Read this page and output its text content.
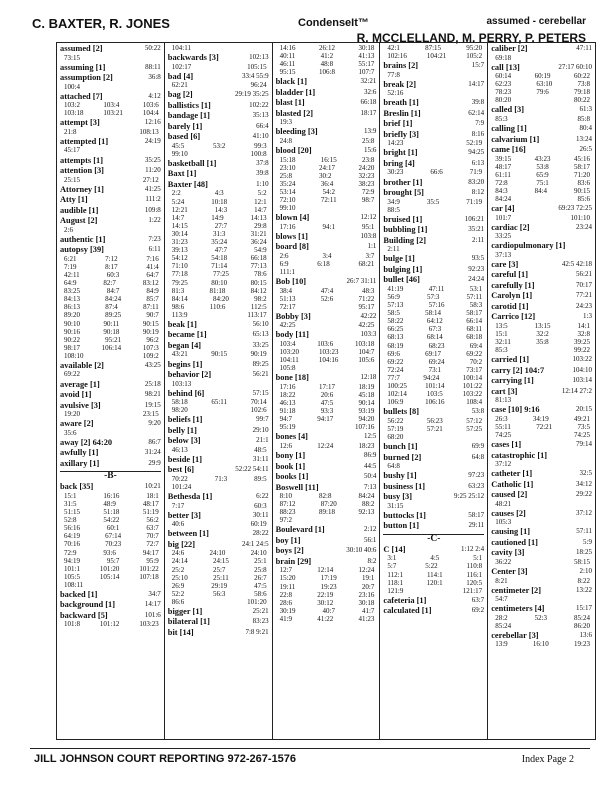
C. BAXTER, R. JONES	CondenseIt™	assumed - cerebellar
R. MCCLELLAND, M. PERRY, P. PETERS
assumed [2]	50:22
73:15
assuming [1]	88:11
assumption [2]	36:8
100:4
attached [7]	4:12
103:2	103:4	103:6
103:18	103:21	104:4
attempt [3]	12:16
21:8	108:13
attempted [1]	24:19
45:17
attempts [1]	35:25
attention [3]	11:20
25:15	27:12
Attorney [1]	41:25
Atty [1]	111:2
audible [1]	109:8
August [2]	1:22
2:6
authentic [1]	7:23
autopsy [39]	6:11
6:21	7:12	7:16
7:19	8:17	41:4
42:11	60:3	64:7
64:9	82:7	83:12
83:25	84:7	84:9
84:13	84:24	85:7
86:13	87:4	87:11
89:20	89:25	90:7
90:10	90:11	90:15
90:16	90:18	90:19
90:22	95:21	96:2
98:17	106:14	107:3
108:10	109:2
available [2]	43:25
69:22
average [1]	25:18
avoid [1]	98:21
avulsive [3]	19:15
19:20	23:15
aware [2]	9:20
35:6
away [2] 64:20	86:7
awfully [1]	31:24
axillary [1]	29:9
-B-
back [35]	10:21
15:1	16:16	18:1
31:5	48:9	48:17
51:15	51:18	51:19
52:8	54:22	56:2
56:16	60:1	63:7
64:19	67:14	70:7
70:16	70:23	72:7
72:9	93:6	94:17
94:19	95:7	95:9
101:1	101:20	101:22
105:5	105:14	107:18
108:11
backed [1]	34:7
background [1]	14:17
backward [5]	101:6
101:8	101:12	103:23
104:11
backwards [3]	102:13
102:17	105:15
bad [4]	33:4 55:9
62:21	96:24
bag [2]	29:19 35:25
ballistics [1]	102:22
bandage [1]	35:13
barely [1]	66:4
based [6]	41:10
45:5	53:2	99:3
99:10	100:8
basketball [1]	37:8
Baxt [1]	39:8
Baxter [48]	1:10
2:2	4:3	5:2
5:24	10:18	12:1
12:21	14:3	14:7
14:7	14:9	14:13
14:15	27:7	29:8
30:14	31:3	31:21
31:23	35:24	36:24
39:13	47:7	54:9
54:12	54:18	66:18
71:10	71:14	77:13
77:18	77:25	78:6
79:25	80:10	80:15
81:3	81:18	84:12
84:14	84:20	98:2
98:6	110:6	112:5
113:9	113:17
beak [1]	56:10
became [1]	65:13
began [4]	33:25
43:21	90:15	90:19
begins [1]	89:25
behavior [2]	56:21
103:13
behind [6]	57:15
58:18	65:11	70:14
98:20	102:6
beliefs [1]	99:7
belly [1]	29:10
below [3]	21:1
46:13	48:5
beside [1]	31:11
best [6]	52:22 54:11
70:22	71:3	89:5
101:24
Bethesda [1]	6:22
7:17	60:3
better [3]	30:11
40:6	60:19
between [1]	28:22
big [22]	24:1 24:5
24:6	24:10	24:10
24:14	24:15	25:1
25:2	25:7	25:8
25:10	25:11	26:7
26:9	29:19	47:5
52:2	56:3	58:6
86:6	101:20
bigger [1]	25:21
bilateral [1]	83:23
bit [14]	7:8 9:21
14:16	26:12	30:18
40:11	41:2	41:13
46:11	48:8	55:17
95:15	106:8	107:7
black [1]	32:21
bladder [1]	32:6
blast [1]	66:18
blasted [2]	18:17
19:3
bleeding [3]	13:9
24:8	25:8
blood [20]	15:6
15:18	16:15	23:8
23:10	24:17	24:20
25:8	30:2	32:23
35:24	36:4	38:23
53:14	54:2	72:9
72:10	72:11	98:7
99:10
blown [4]	12:12
17:16	94:1	95:1
blows [1]	103:8
board [8]	1:1
2:6	3:4	3:7
6:9	6:18	68:21
111:1
Bob [10]	26:7 31:11
38:4	47:4	48:3
51:13	52:6	71:22
72:17	95:17
Bobby [3]	42:22
42:25	42:25
body [11]	103:3
103:4	103:6	103:18
103:20	103:23	104:7
104:11	104:16	105:6
105:8
bone [18]	12:18
17:16	17:17	18:19
18:22	20:6	45:18
46:13	47:5	90:14
91:18	93:3	93:19
94:7	94:17	94:20
95:19	107:16
bones [4]	12:5
12:6	12:24	18:23
bony [1]	86:9
book [1]	44:5
books [1]	50:4
Boswell [11]	7:13
8:10	82:8	84:24
87:12	87:20	88:2
88:23	89:18	92:13
97:2
Boulevard [1]	2:12
boy [1]	56:1
boys [2]	30:10 40:6
brain [29]	8:2
12:7	12:14	12:24
15:20	17:19	19:1
19:11	19:23	20:7
22:8	22:19	23:16
28:6	30:12	30:18
30:19	40:7	41:7
41:9	41:22	41:23
42:1	87:15	95:20
102:16	104:21	105:2
brains [2]	15:7
77:8
break [2]	14:17
52:16
breath [1]	39:8
Breslin [1]	62:14
brief [1]	7:9
briefly [3]	8:16
14:23	52:19
bright [1]	94:25
bring [4]	6:13
30:23	66:6	71:9
brother [1]	83:20
brought [5]	8:12
34:9	35:5	71:19
88:5
bruised [1]	106:21
bubbling [1]	35:21
Building [2]	2:11
2:11
bulge [1]	93:5
bulging [1]	92:23
bullet [46]	24:24
41:19	47:11	53:1
56:9	57:3	57:11
57:13	57:16	58:3
58:5	58:14	58:17
58:22	64:12	66:14
66:25	67:3	68:11
68:13	68:14	68:18
68:19	68:23	69:4
69:6	69:17	69:22
69:22	69:24	70:2
72:24	73:1	73:17
77:7	94:24	100:14
100:25	101:14	101:22
102:14	103:5	103:22
106:9	106:16	108:4
bullets [8]	53:8
56:22	56:23	57:12
57:19	57:21	57:25
68:20
bunch [1]	69:9
burned [2]	64:8
64:8
bushy [1]	97:23
business [1]	63:23
busy [3]	9:25 25:12
31:15
buttocks [1]	58:17
button [1]	29:11
-C-
C [14]	1:12 2:4
3:1	4:5	5:1
5:7	5:22	110:8
112:1	114:1	116:1
118:1	120:1	120:5
121:9	121:17
cafeteria [1]	63:7
calculated [1]	69:2
caliber [2]	47:11
69:18
call [13]	27:17 60:10
60:14	60:19	60:22
62:23	63:10	73:8
78:23	79:6	79:18
80:20	80:22
called [3]	61:3
85:3	85:8
calling [1]	80:4
calvarium [1]	13:24
came [16]	26:5
39:15	43:23	45:16
48:17	53:8	58:17
61:11	65:9	71:20
72:8	75:1	83:6
84:3	84:4	90:15
84:24	85:6
car [4]	69:23 72:25
101:7	101:10
cardiac [2]	23:24
33:25
cardiopulmonary [1]
37:13
care [3]	42:5 42:18
careful [1]	56:21
carefully [1]	70:17
Carolyn [1]	77:21
carotid [1]	24:23
Carrico [12]	1:3
13:5	13:15	14:1
15:1	32:2	32:8
32:11	35:8	39:25
85:3	99:22
carried [1]	103:22
carry [2] 104:7	104:10
carrying [1]	103:14
cart [3]	12:14 27:2
81:13
case [10] 9:16	20:15
26:3	34:19	49:21
55:11	72:21	73:5
74:25	74:25
cases [1]	79:14
catastrophic [1]
37:12
catheter [1]	32:5
Catholic [1]	34:12
caused [2]	29:22
48:21
causes [2]	37:12
105:3
causing [1]	57:11
cautioned [1]	5:9
cavity [3]	18:25
36:22	58:15
Center [3]	2:10
8:21	8:22
centimeter [2]	13:22
54:7
centimeters [4]	15:17
28:2	52:3	85:24
85:24	86:20
cerebellar [3]	13:6
13:9	16:10	19:23
JILL JOHNSON COURT REPORTING 972-267-1576	Index Page 2
